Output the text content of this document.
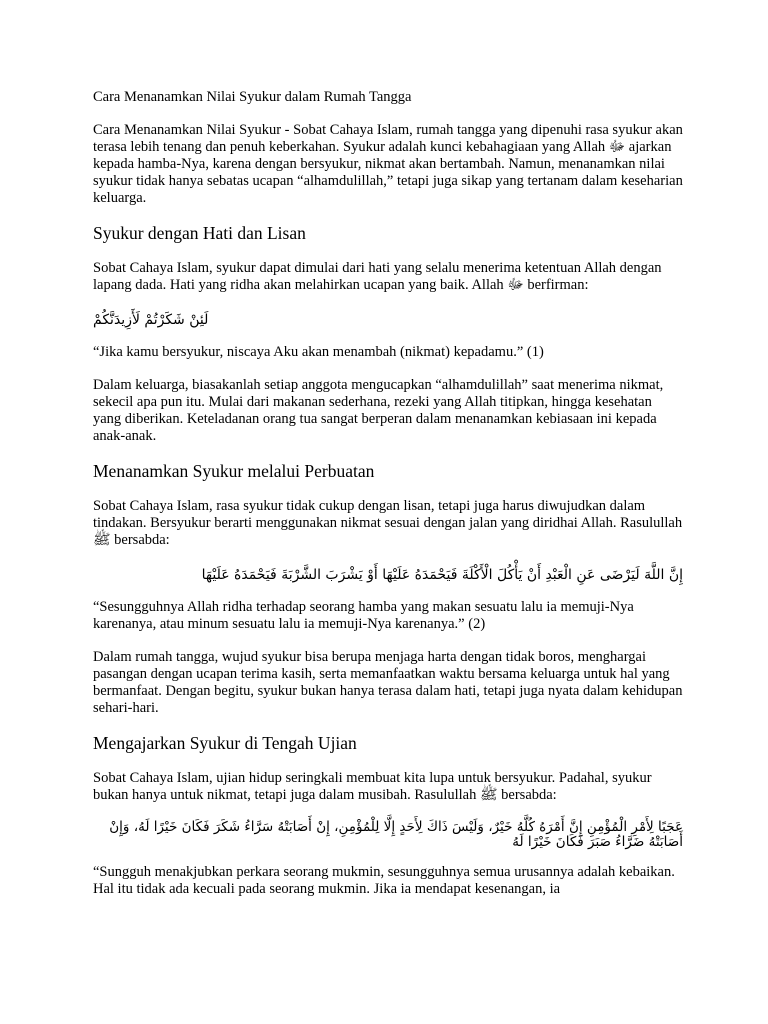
Cara Menanamkan Nilai Syukur dalam Rumah Tangga

Cara Menanamkan Nilai Syukur - Sobat Cahaya Islam, rumah tangga yang dipenuhi rasa syukur akan terasa lebih tenang dan penuh keberkahan. Syukur adalah kunci kebahagiaan yang Allah ﷻ ajarkan kepada hamba-Nya, karena dengan bersyukur, nikmat akan bertambah. Namun, menanamkan nilai syukur tidak hanya sebatas ucapan “alhamdulillah,” tetapi juga sikap yang tertanam dalam keseharian keluarga.

Syukur dengan Hati dan Lisan

Sobat Cahaya Islam, syukur dapat dimulai dari hati yang selalu menerima ketentuan Allah dengan lapang dada. Hati yang ridha akan melahirkan ucapan yang baik. Allah ﷻ berfirman:

لَئِنْ شَكَرْتُمْ لَأَزِيدَنَّكُمْ

“Jika kamu bersyukur, niscaya Aku akan menambah (nikmat) kepadamu.” (1)

Dalam keluarga, biasakanlah setiap anggota mengucapkan “alhamdulillah” saat menerima nikmat, sekecil apa pun itu. Mulai dari makanan sederhana, rezeki yang Allah titipkan, hingga kesehatan yang diberikan. Keteladanan orang tua sangat berperan dalam menanamkan kebiasaan ini kepada anak-anak.

Menanamkan Syukur melalui Perbuatan

Sobat Cahaya Islam, rasa syukur tidak cukup dengan lisan, tetapi juga harus diwujudkan dalam tindakan. Bersyukur berarti menggunakan nikmat sesuai dengan jalan yang diridhai Allah. Rasulullah ﷺ bersabda:

إِنَّ اللَّهَ لَيَرْضَى عَنِ الْعَبْدِ أَنْ يَأْكُلَ الْأَكْلَةَ فَيَحْمَدَهُ عَلَيْهَا أَوْ يَشْرَبَ الشَّرْبَةَ فَيَحْمَدَهُ عَلَيْهَا

“Sesungguhnya Allah ridha terhadap seorang hamba yang makan sesuatu lalu ia memuji-Nya karenanya, atau minum sesuatu lalu ia memuji-Nya karenanya.” (2)

Dalam rumah tangga, wujud syukur bisa berupa menjaga harta dengan tidak boros, menghargai pasangan dengan ucapan terima kasih, serta memanfaatkan waktu bersama keluarga untuk hal yang bermanfaat. Dengan begitu, syukur bukan hanya terasa dalam hati, tetapi juga nyata dalam kehidupan sehari-hari.

Mengajarkan Syukur di Tengah Ujian

Sobat Cahaya Islam, ujian hidup seringkali membuat kita lupa untuk bersyukur. Padahal, syukur bukan hanya untuk nikmat, tetapi juga dalam musibah. Rasulullah ﷺ bersabda:

عَجَبًا لِأَمْرِ الْمُؤْمِنِ إِنَّ أَمْرَهُ كُلَّهُ خَيْرٌ، وَلَيْسَ ذَاكَ لِأَحَدٍ إِلَّا لِلْمُؤْمِنِ، إِنْ أَصَابَتْهُ سَرَّاءُ شَكَرَ فَكَانَ خَيْرًا لَهُ، وَإِنْ أَصَابَتْهُ ضَرَّاءُ صَبَرَ فَكَانَ خَيْرًا لَهُ

“Sungguh menakjubkan perkara seorang mukmin, sesungguhnya semua urusannya adalah kebaikan. Hal itu tidak ada kecuali pada seorang mukmin. Jika ia mendapat kesenangan, ia
